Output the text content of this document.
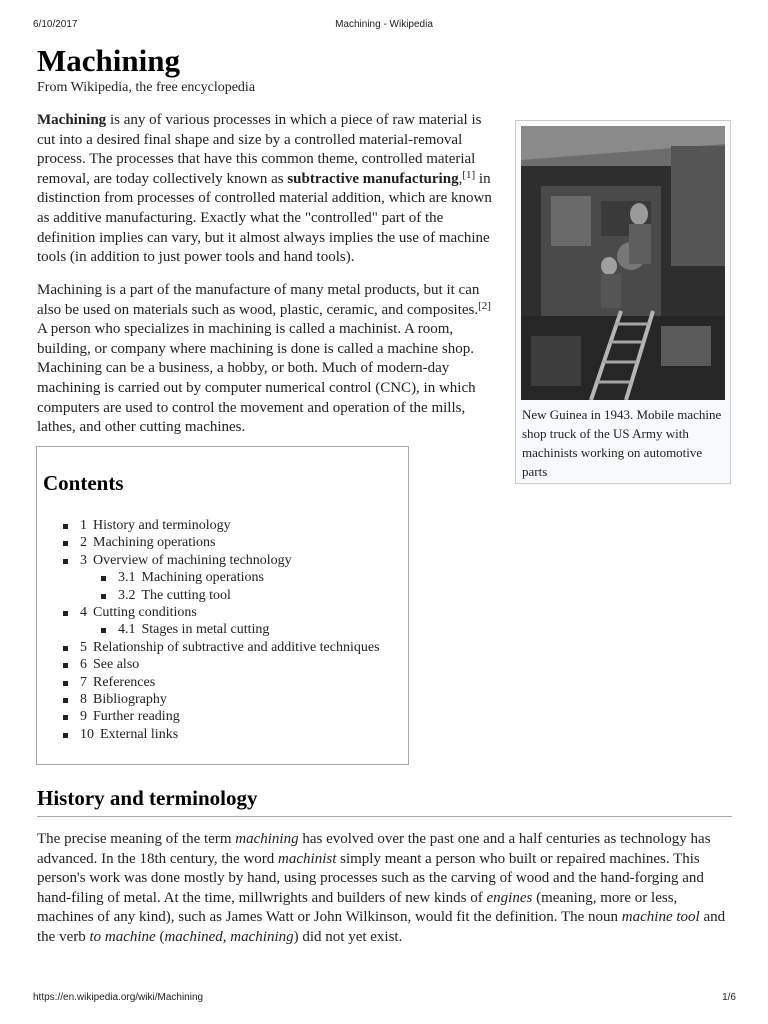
6/10/2017	Machining - Wikipedia
Machining
From Wikipedia, the free encyclopedia

Machining is any of various processes in which a piece of raw material is cut into a desired final shape and size by a controlled material-removal process. The processes that have this common theme, controlled material removal, are today collectively known as subtractive manufacturing,[1] in distinction from processes of controlled material addition, which are known as additive manufacturing. Exactly what the "controlled" part of the definition implies can vary, but it almost always implies the use of machine tools (in addition to just power tools and hand tools).

Machining is a part of the manufacture of many metal products, but it can also be used on materials such as wood, plastic, ceramic, and composites.[2] A person who specializes in machining is called a machinist. A room, building, or company where machining is done is called a machine shop. Machining can be a business, a hobby, or both. Much of modern-day machining is carried out by computer numerical control (CNC), in which computers are used to control the movement and operation of the mills, lathes, and other cutting machines.

New Guinea in 1943. Mobile machine shop truck of the US Army with machinists working on automotive parts
Contents
1 History and terminology
2 Machining operations
3 Overview of machining technology
3.1 Machining operations
3.2 The cutting tool
4 Cutting conditions
4.1 Stages in metal cutting
5 Relationship of subtractive and additive techniques
6 See also
7 References
8 Bibliography
9 Further reading
10 External links
History and terminology

The precise meaning of the term machining has evolved over the past one and a half centuries as technology has advanced. In the 18th century, the word machinist simply meant a person who built or repaired machines. This person's work was done mostly by hand, using processes such as the carving of wood and the hand-forging and hand-filing of metal. At the time, millwrights and builders of new kinds of engines (meaning, more or less, machines of any kind), such as James Watt or John Wilkinson, would fit the definition. The noun machine tool and the verb to machine (machined, machining) did not yet exist.

https://en.wikipedia.org/wiki/Machining	1/6
